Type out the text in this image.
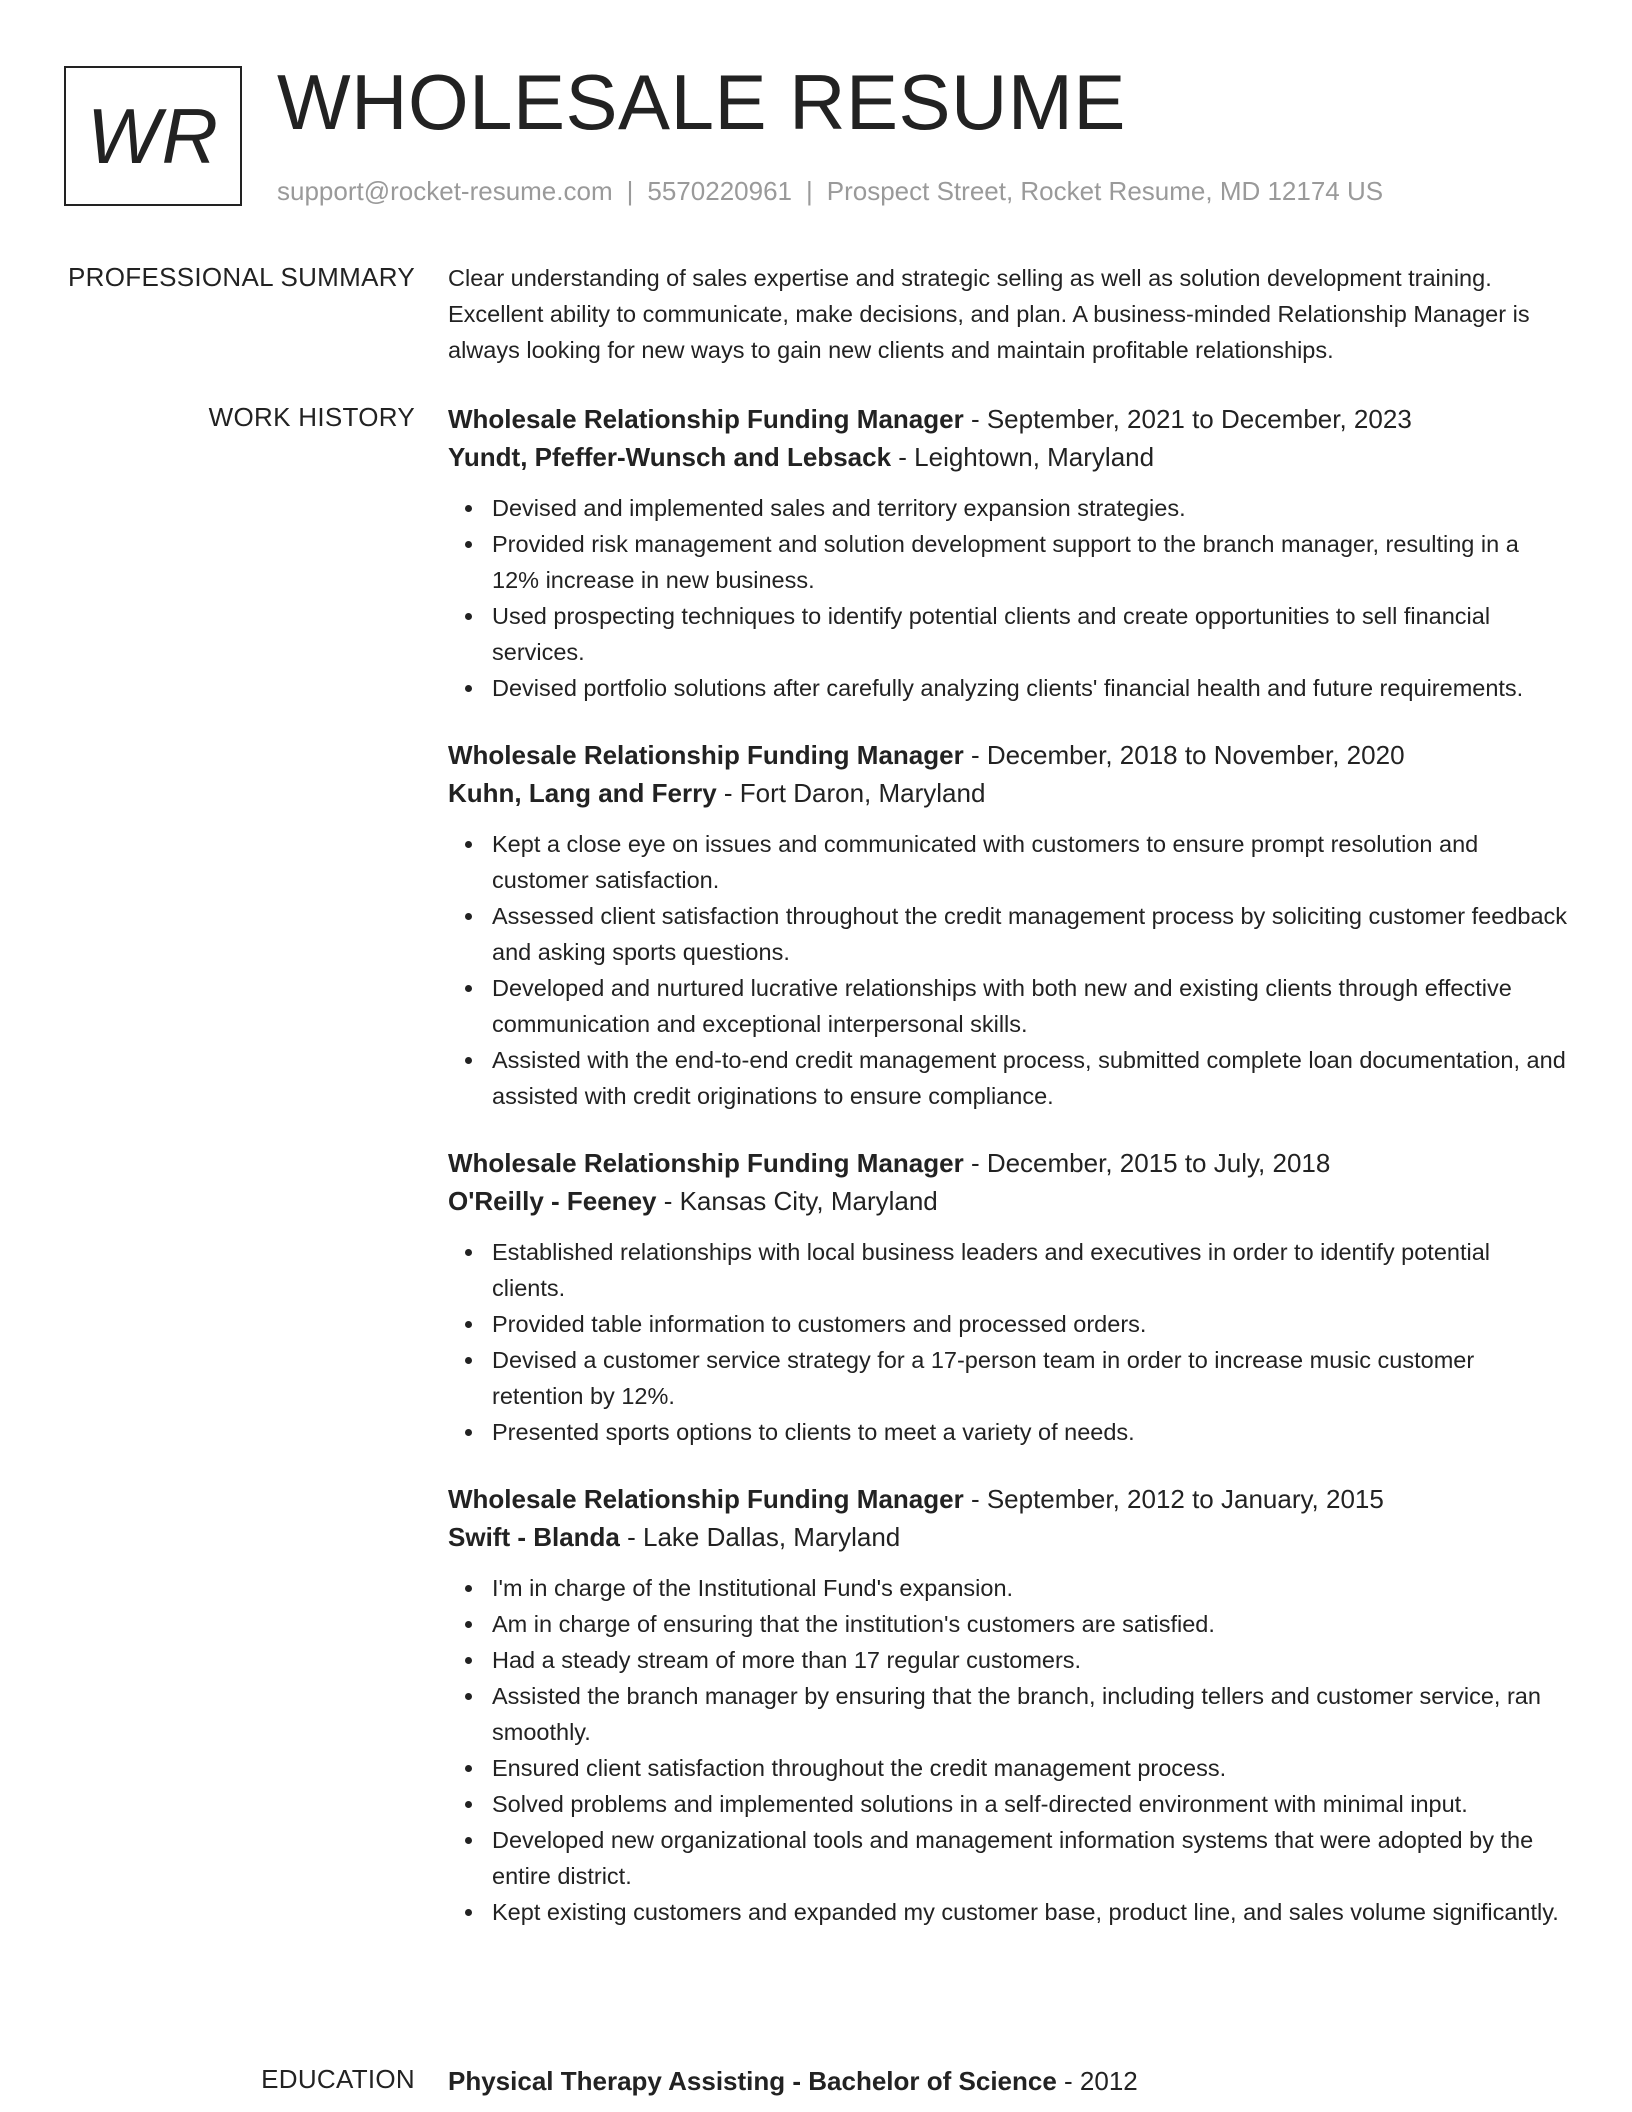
WR WHOLESALE RESUME
support@rocket-resume.com | 5570220961 | Prospect Street, Rocket Resume, MD 12174 US
PROFESSIONAL SUMMARY Clear understanding of sales expertise and strategic selling as well as solution development training. Excellent ability to communicate, make decisions, and plan. A business-minded Relationship Manager is always looking for new ways to gain new clients and maintain profitable relationships.

WORK HISTORY Wholesale Relationship Funding Manager - September, 2021 to December, 2023
Yundt, Pfeffer-Wunsch and Lebsack - Leightown, Maryland
Devised and implemented sales and territory expansion strategies.
Provided risk management and solution development support to the branch manager, resulting in a 12% increase in new business.
Used prospecting techniques to identify potential clients and create opportunities to sell financial services.
Devised portfolio solutions after carefully analyzing clients' financial health and future requirements.
Wholesale Relationship Funding Manager - December, 2018 to November, 2020
Kuhn, Lang and Ferry - Fort Daron, Maryland
Kept a close eye on issues and communicated with customers to ensure prompt resolution and customer satisfaction.
Assessed client satisfaction throughout the credit management process by soliciting customer feedback and asking sports questions.
Developed and nurtured lucrative relationships with both new and existing clients through effective communication and exceptional interpersonal skills.
Assisted with the end-to-end credit management process, submitted complete loan documentation, and assisted with credit originations to ensure compliance.
Wholesale Relationship Funding Manager - December, 2015 to July, 2018
O'Reilly - Feeney - Kansas City, Maryland
Established relationships with local business leaders and executives in order to identify potential clients.
Provided table information to customers and processed orders.
Devised a customer service strategy for a 17-person team in order to increase music customer retention by 12%.
Presented sports options to clients to meet a variety of needs.
Wholesale Relationship Funding Manager - September, 2012 to January, 2015
Swift - Blanda - Lake Dallas, Maryland
I'm in charge of the Institutional Fund's expansion.
Am in charge of ensuring that the institution's customers are satisfied.
Had a steady stream of more than 17 regular customers.
Assisted the branch manager by ensuring that the branch, including tellers and customer service, ran smoothly.
Ensured client satisfaction throughout the credit management process.
Solved problems and implemented solutions in a self-directed environment with minimal input.
Developed new organizational tools and management information systems that were adopted by the entire district.
Kept existing customers and expanded my customer base, product line, and sales volume significantly.
EDUCATION Physical Therapy Assisting - Bachelor of Science - 2012
